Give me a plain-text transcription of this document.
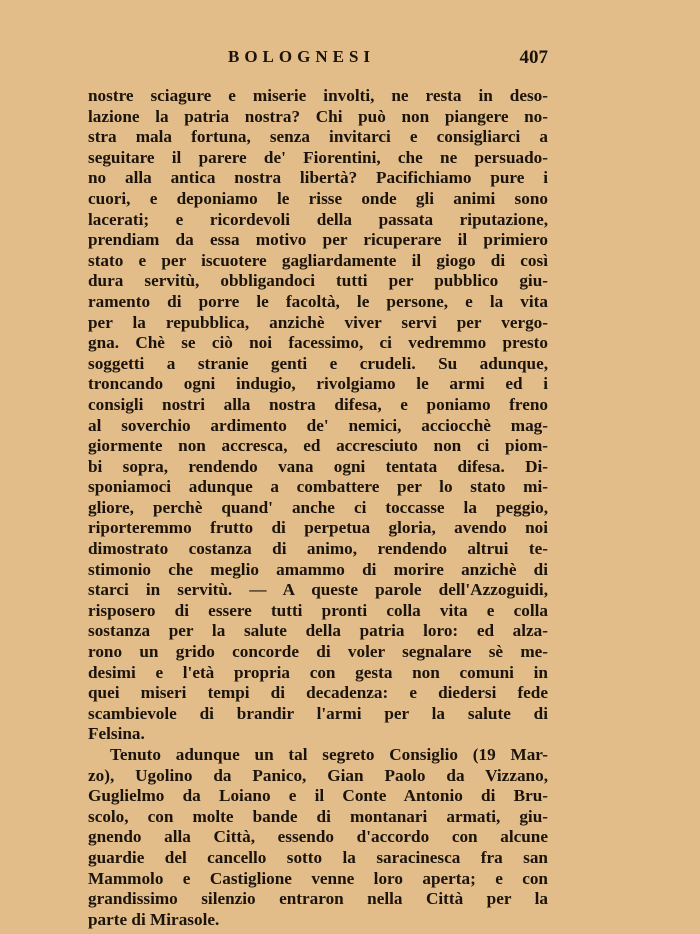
BOLOGNESI	407
nostre sciagure e miserie involti, ne resta in deso-
lazione la patria nostra? Chi può non piangere no-
stra mala fortuna, senza invitarci e consigliarci a
seguitare il parere de' Fiorentini, che ne persuado-
no alla antica nostra libertà? Pacifichiamo pure i
cuori, e deponiamo le risse onde gli animi sono
lacerati; e ricordevoli della passata riputazione,
prendiam da essa motivo per ricuperare il primiero
stato e per iscuotere gagliardamente il giogo di così
dura servitù, obbligandoci tutti per pubblico giu-
ramento di porre le facoltà, le persone, e la vita
per la repubblica, anzichè viver servi per vergo-
gna. Chè se ciò noi facessimo, ci vedremmo presto
soggetti a stranie genti e crudeli. Su adunque,
troncando ogni indugio, rivolgiamo le armi ed i
consigli nostri alla nostra difesa, e poniamo freno
al soverchio ardimento de' nemici, acciocchè mag-
giormente non accresca, ed accresciuto non ci piom-
bi sopra, rendendo vana ogni tentata difesa. Di-
sponiamoci adunque a combattere per lo stato mi-
gliore, perchè quand' anche ci toccasse la peggio,
riporteremmo frutto di perpetua gloria, avendo noi
dimostrato costanza di animo, rendendo altrui te-
stimonio che meglio amammo di morire anzichè di
starci in servitù. — A queste parole dell'Azzoguidi,
risposero di essere tutti pronti colla vita e colla
sostanza per la salute della patria loro: ed alza-
rono un grido concorde di voler segnalare sè me-
desimi e l'età propria con gesta non comuni in
quei miseri tempi di decadenza: e diedersi fede
scambievole di brandir l'armi per la salute di
Felsina.
Tenuto adunque un tal segreto Consiglio (19 Mar-
zo), Ugolino da Panico, Gian Paolo da Vizzano,
Guglielmo da Loiano e il Conte Antonio di Bru-
scolo, con molte bande di montanari armati, giu-
gnendo alla Città, essendo d'accordo con alcune
guardie del cancello sotto la saracinesca fra san
Mammolo e Castiglione venne loro aperta; e con
grandissimo silenzio entraron nella Città per la
parte di Mirasole.
